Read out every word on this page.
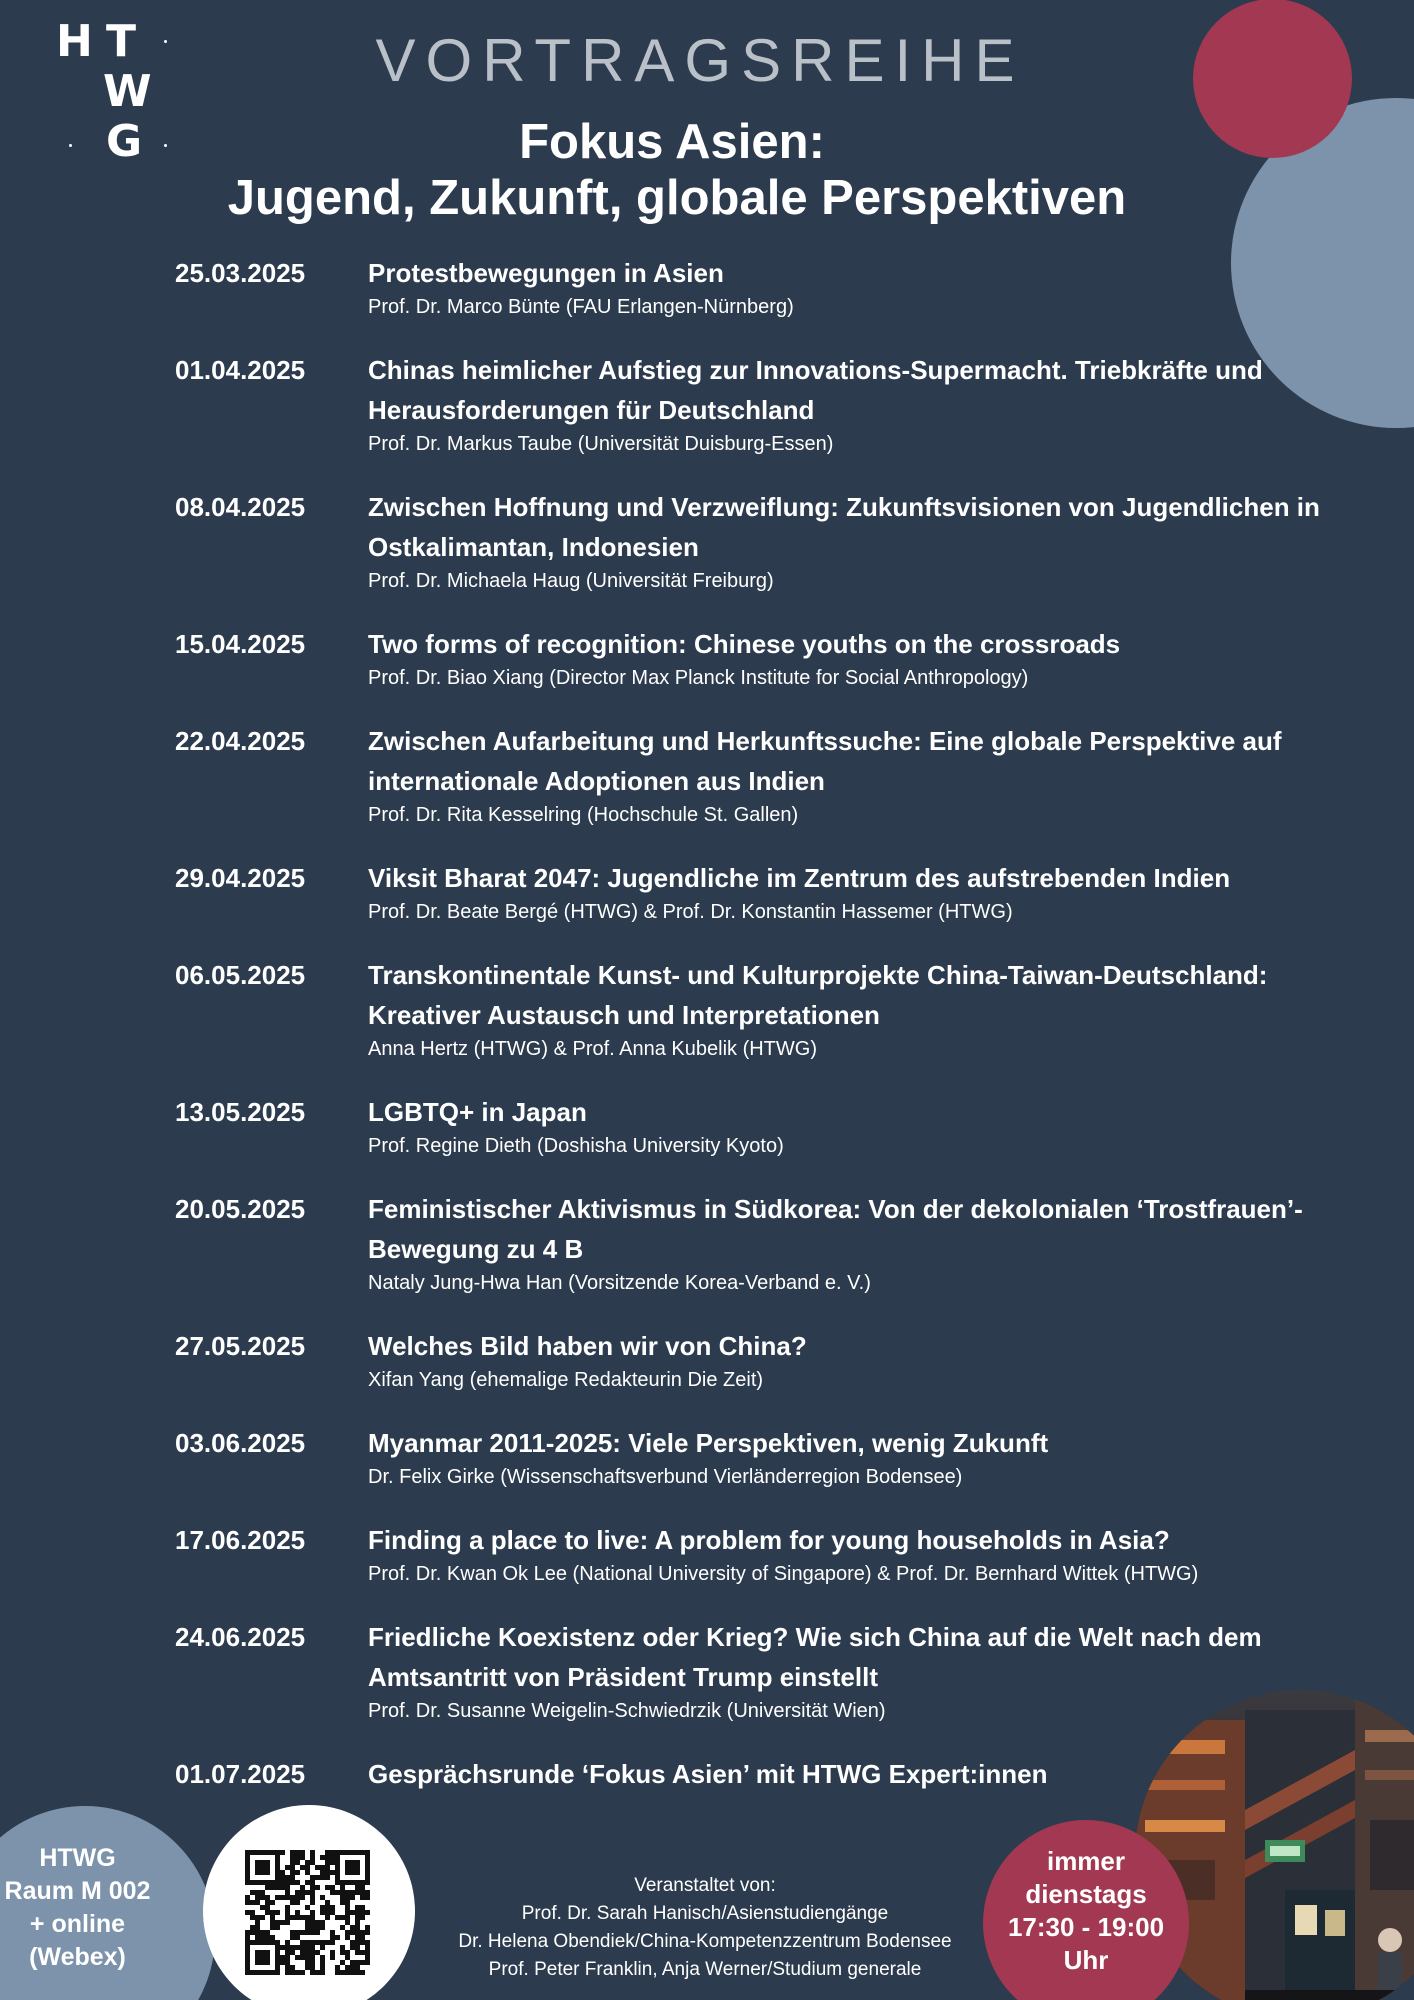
H T
W
G
VORTRAGSREIHE
Fokus Asien:
Jugend, Zukunft, globale Perspektiven
25.03.2025	Protestbewegungen in Asien
Prof. Dr. Marco Bünte (FAU Erlangen-Nürnberg)
01.04.2025	Chinas heimlicher Aufstieg zur Innovations-Supermacht. Triebkräfte und Herausforderungen für Deutschland
Prof. Dr. Markus Taube (Universität Duisburg-Essen)
08.04.2025	Zwischen Hoffnung und Verzweiflung: Zukunftsvisionen von Jugendlichen in Ostkalimantan, Indonesien
Prof. Dr. Michaela Haug (Universität Freiburg)
15.04.2025	Two forms of recognition: Chinese youths on the crossroads
Prof. Dr. Biao Xiang (Director Max Planck Institute for Social Anthropology)
22.04.2025	Zwischen Aufarbeitung und Herkunftssuche: Eine globale Perspektive auf internationale Adoptionen aus Indien
Prof. Dr. Rita Kesselring (Hochschule St. Gallen)
29.04.2025	Viksit Bharat 2047: Jugendliche im Zentrum des aufstrebenden Indien
Prof. Dr. Beate Bergé (HTWG) & Prof. Dr. Konstantin Hassemer (HTWG)
06.05.2025	Transkontinentale Kunst- und Kulturprojekte China-Taiwan-Deutschland: Kreativer Austausch und Interpretationen
Anna Hertz (HTWG) & Prof. Anna Kubelik (HTWG)
13.05.2025	LGBTQ+ in Japan
Prof. Regine Dieth (Doshisha University Kyoto)
20.05.2025	Feministischer Aktivismus in Südkorea: Von der dekolonialen ‘Trostfrauen’-Bewegung zu 4 B
Nataly Jung-Hwa Han (Vorsitzende Korea-Verband e. V.)
27.05.2025	Welches Bild haben wir von China?
Xifan Yang (ehemalige Redakteurin Die Zeit)
03.06.2025	Myanmar 2011-2025: Viele Perspektiven, wenig Zukunft
Dr. Felix Girke (Wissenschaftsverbund Vierländerregion Bodensee)
17.06.2025	Finding a place to live: A problem for young households in Asia?
Prof. Dr. Kwan Ok Lee (National University of Singapore) & Prof. Dr. Bernhard Wittek (HTWG)
24.06.2025	Friedliche Koexistenz oder Krieg? Wie sich China auf die Welt nach dem Amtsantritt von Präsident Trump einstellt
Prof. Dr. Susanne Weigelin-Schwiedrzik (Universität Wien)
01.07.2025	Gesprächsrunde ‘Fokus Asien’ mit HTWG Expert:innen
HTWG
Raum M 002
+ online
(Webex)
Veranstaltet von:
Prof. Dr. Sarah Hanisch/Asienstudiengänge
Dr. Helena Obendiek/China-Kompetenzzentrum Bodensee
Prof. Peter Franklin, Anja Werner/Studium generale
immer
dienstags
17:30 - 19:00
Uhr
